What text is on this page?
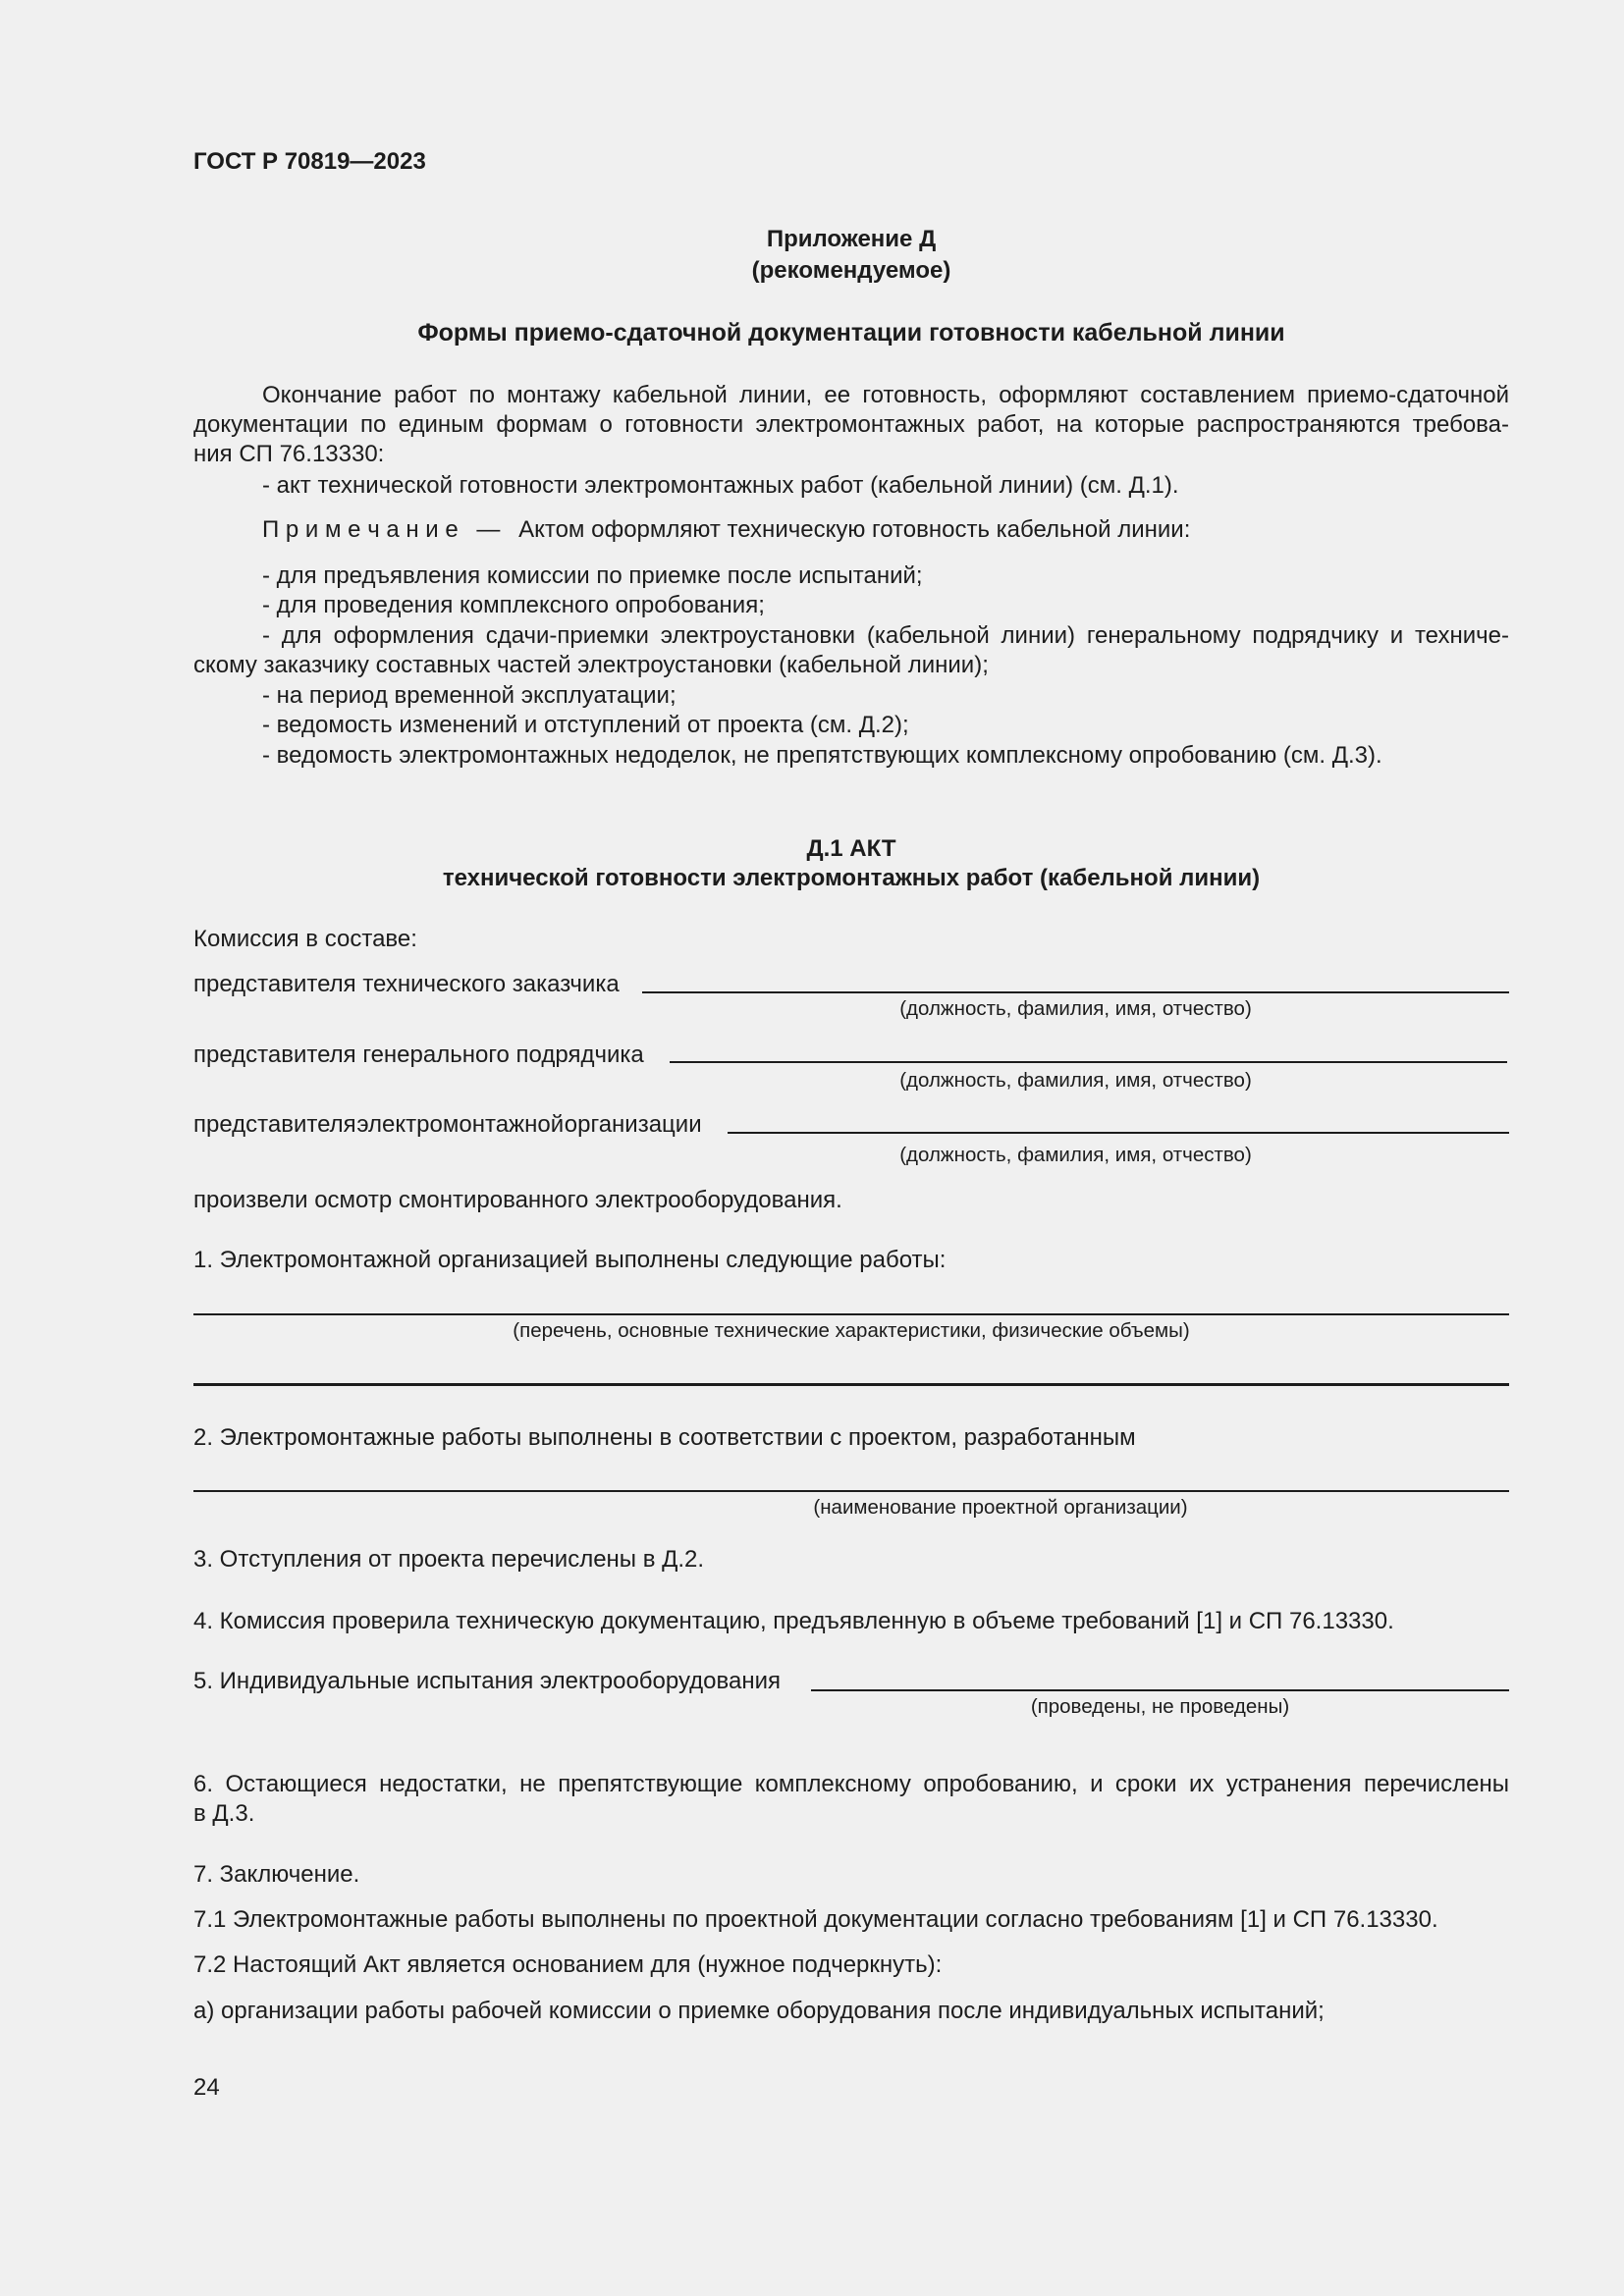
ГОСТ Р 70819—2023
Приложение Д
(рекомендуемое)
Формы приемо-сдаточной документации готовности кабельной линии
Окончание работ по монтажу кабельной линии, ее готовность, оформляют составлением приемо-сдаточной
документации по единым формам о готовности электромонтажных работ, на которые распространяются требова-
ния СП 76.13330:
- акт технической готовности электромонтажных работ (кабельной линии) (см. Д.1).
П р и м е ч а н и е — Актом оформляют техническую готовность кабельной линии:
- для предъявления комиссии по приемке после испытаний;
- для проведения комплексного опробования;
- для оформления сдачи-приемки электроустановки (кабельной линии) генеральному подрядчику и техниче-
скому заказчику составных частей электроустановки (кабельной линии);
- на период временной эксплуатации;
- ведомость изменений и отступлений от проекта (см. Д.2);
- ведомость электромонтажных недоделок, не препятствующих комплексному опробованию (см. Д.3).
Д.1 АКТ
технической готовности электромонтажных работ (кабельной линии)
Комиссия в составе:
представителя технического заказчика
(должность, фамилия, имя, отчество)
представителя генерального подрядчика
(должность, фамилия, имя, отчество)
представителя электромонтажной организации
(должность, фамилия, имя, отчество)
произвели осмотр смонтированного электрооборудования.
1. Электромонтажной организацией выполнены следующие работы:
(перечень, основные технические характеристики, физические объемы)
2. Электромонтажные работы выполнены в соответствии с проектом, разработанным
(наименование проектной организации)
3. Отступления от проекта перечислены в Д.2.
4. Комиссия проверила техническую документацию, предъявленную в объеме требований [1] и СП 76.13330.
5. Индивидуальные испытания электрооборудования
(проведены, не проведены)
6. Остающиеся недостатки, не препятствующие комплексному опробованию, и сроки их устранения перечислены
в Д.3.
7. Заключение.
7.1 Электромонтажные работы выполнены по проектной документации согласно требованиям [1] и СП 76.13330.
7.2 Настоящий Акт является основанием для (нужное подчеркнуть):
а) организации работы рабочей комиссии о приемке оборудования после индивидуальных испытаний;
24
